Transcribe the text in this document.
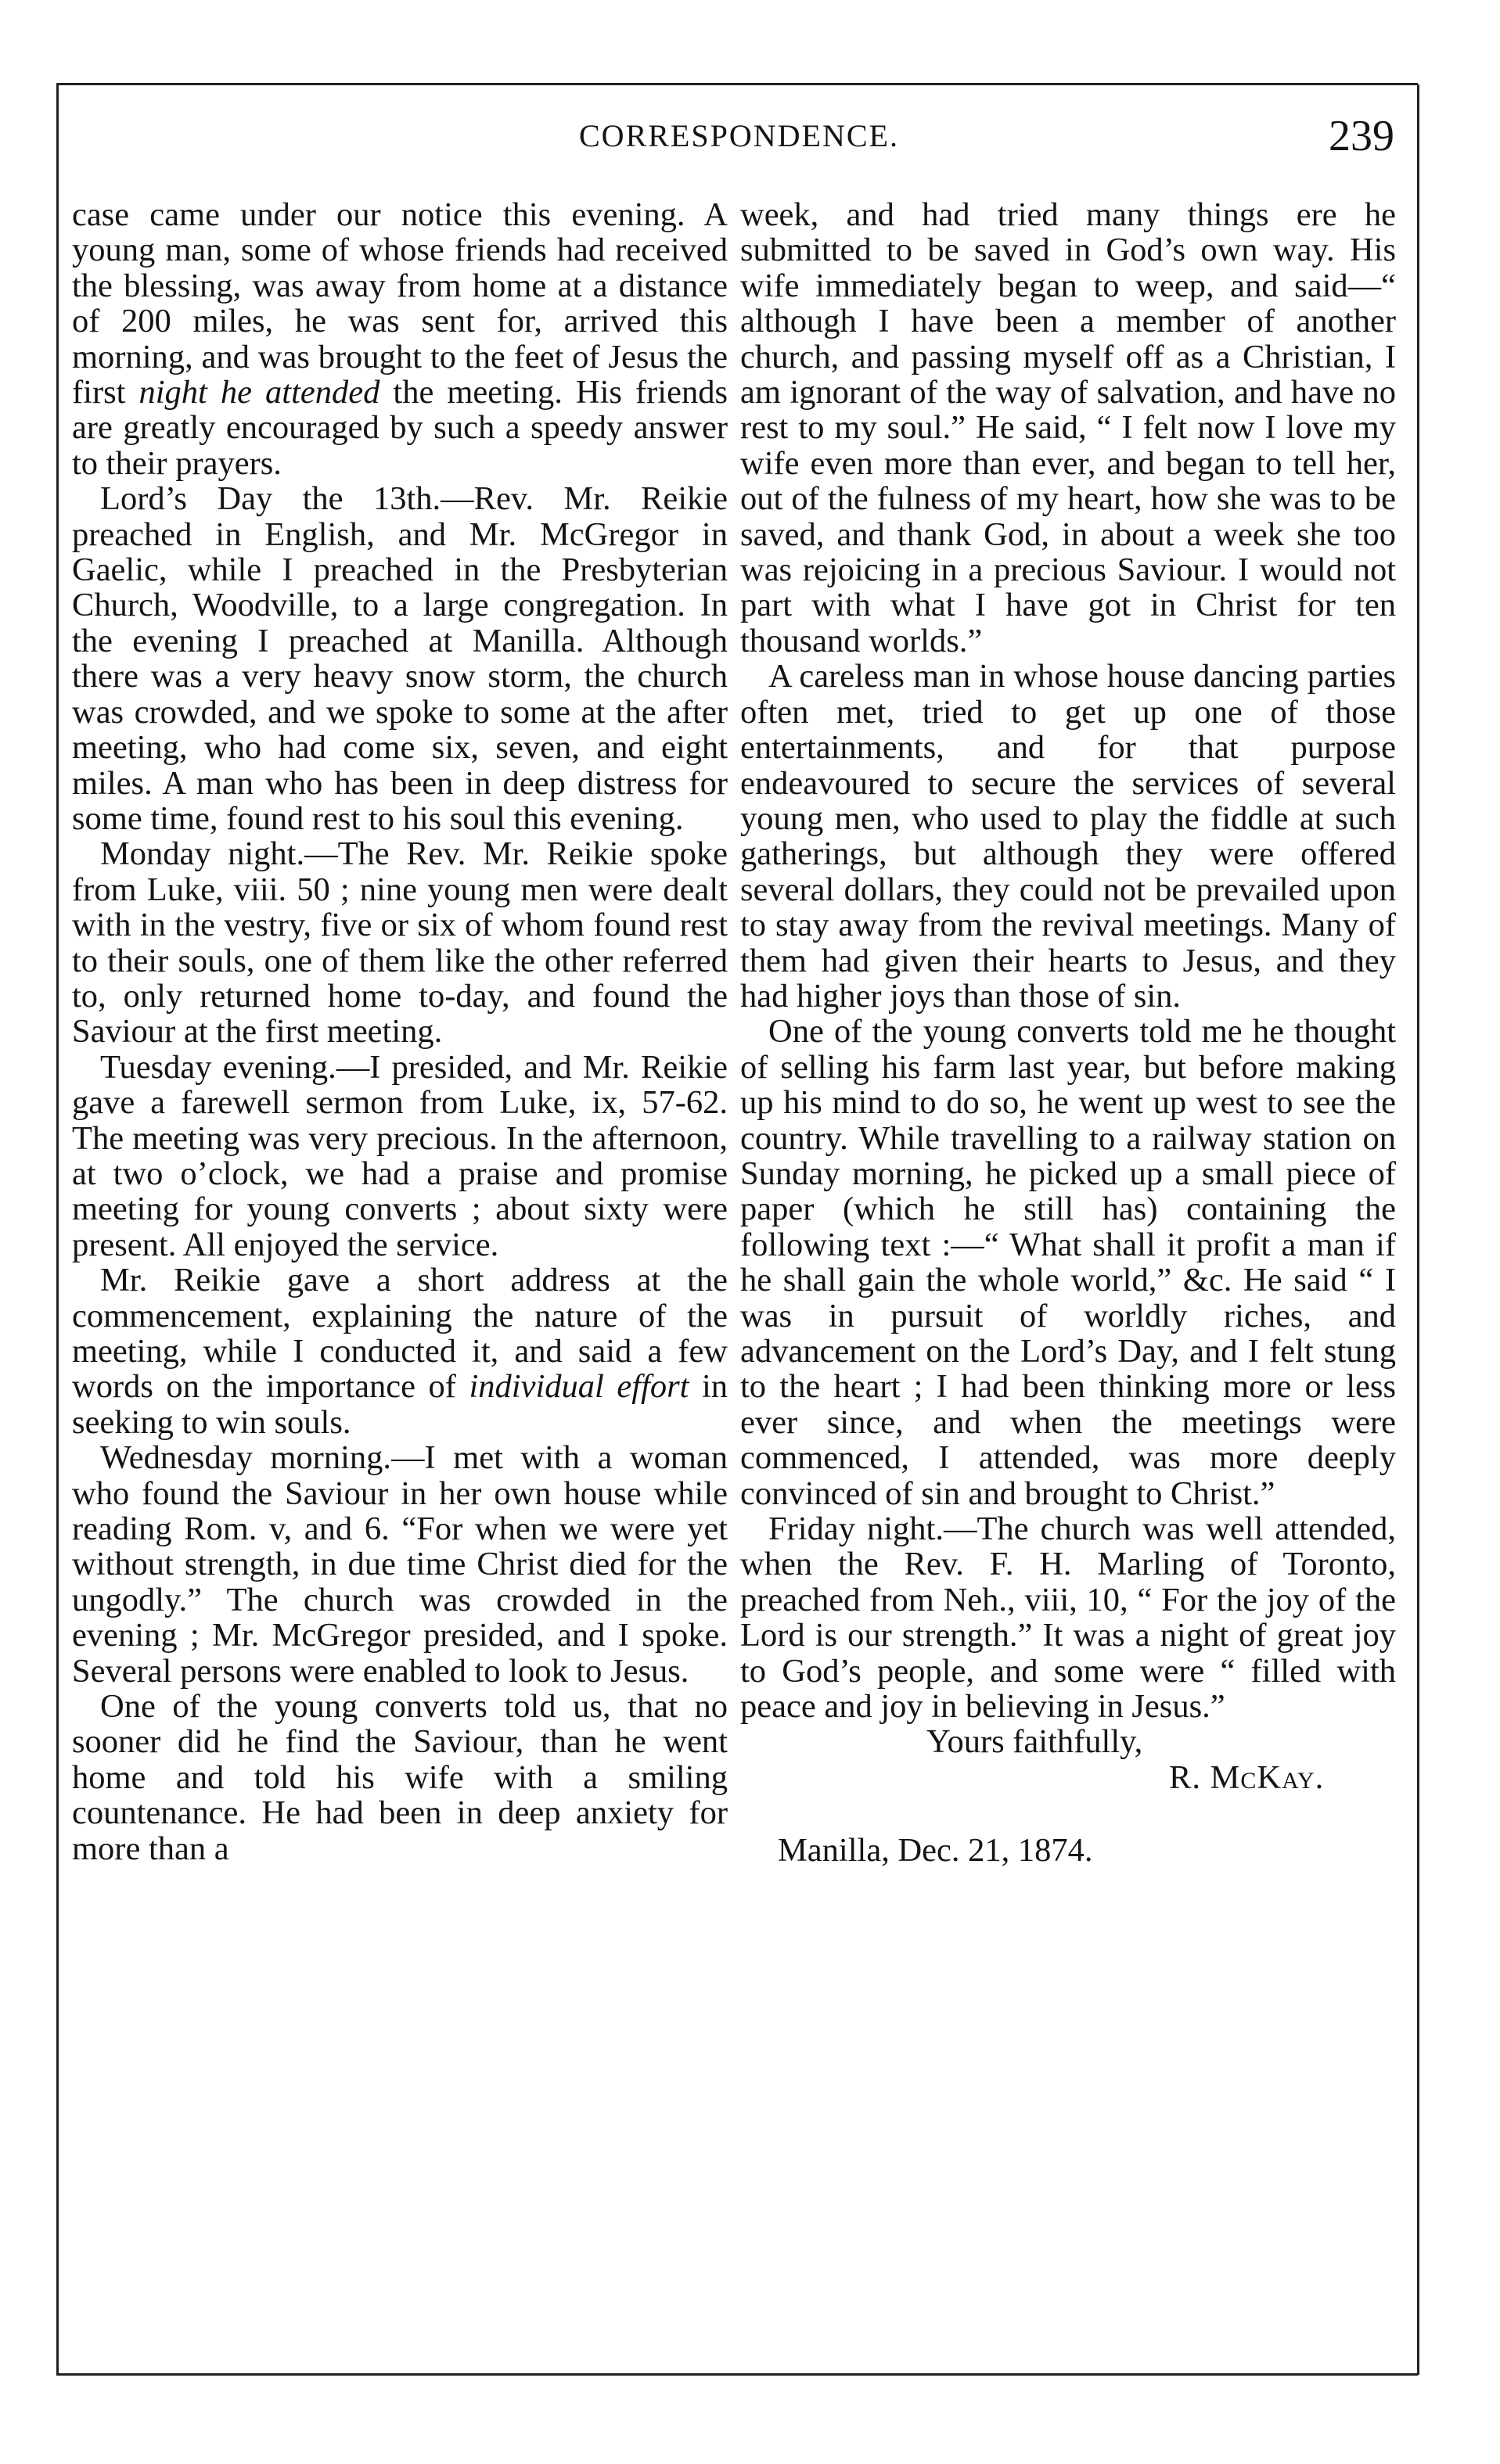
CORRESPONDENCE.	239

case came under our notice this evening. A young man, some of whose friends had received the blessing, was away from home at a distance of 200 miles, he was sent for, arrived this morning, and was brought to the feet of Jesus the first night he attended the meeting. His friends are greatly encouraged by such a speedy answer to their prayers.

Lord’s Day the 13th.—Rev. Mr. Reikie preached in English, and Mr. McGregor in Gaelic, while I preached in the Presbyterian Church, Woodville, to a large congregation. In the evening I preached at Manilla. Although there was a very heavy snow storm, the church was crowded, and we spoke to some at the after meeting, who had come six, seven, and eight miles. A man who has been in deep distress for some time, found rest to his soul this evening.

Monday night.—The Rev. Mr. Reikie spoke from Luke, viii. 50 ; nine young men were dealt with in the vestry, five or six of whom found rest to their souls, one of them like the other referred to, only returned home to-day, and found the Saviour at the first meeting.

Tuesday evening.—I presided, and Mr. Reikie gave a farewell sermon from Luke, ix, 57-62. The meeting was very precious. In the afternoon, at two o’clock, we had a praise and promise meeting for young converts ; about sixty were present. All enjoyed the service.

Mr. Reikie gave a short address at the commencement, explaining the nature of the meeting, while I conducted it, and said a few words on the importance of individual effort in seeking to win souls.

Wednesday morning.—I met with a woman who found the Saviour in her own house while reading Rom. v, and 6. “For when we were yet without strength, in due time Christ died for the ungodly.” The church was crowded in the evening ; Mr. McGregor presided, and I spoke. Several persons were enabled to look to Jesus.

One of the young converts told us, that no sooner did he find the Saviour, than he went home and told his wife with a smiling countenance. He had been in deep anxiety for more than a

week, and had tried many things ere he submitted to be saved in God’s own way. His wife immediately began to weep, and said—“ although I have been a member of another church, and passing myself off as a Christian, I am ignorant of the way of salvation, and have no rest to my soul.” He said, “ I felt now I love my wife even more than ever, and began to tell her, out of the fulness of my heart, how she was to be saved, and thank God, in about a week she too was rejoicing in a precious Saviour. I would not part with what I have got in Christ for ten thousand worlds.”

A careless man in whose house dancing parties often met, tried to get up one of those entertainments, and for that purpose endeavoured to secure the services of several young men, who used to play the fiddle at such gatherings, but although they were offered several dollars, they could not be prevailed upon to stay away from the revival meetings. Many of them had given their hearts to Jesus, and they had higher joys than those of sin.

One of the young converts told me he thought of selling his farm last year, but before making up his mind to do so, he went up west to see the country. While travelling to a railway station on Sunday morning, he picked up a small piece of paper (which he still has) containing the following text :—“ What shall it profit a man if he shall gain the whole world,” &c. He said “ I was in pursuit of worldly riches, and advancement on the Lord’s Day, and I felt stung to the heart ; I had been thinking more or less ever since, and when the meetings were commenced, I attended, was more deeply convinced of sin and brought to Christ.”

Friday night.—The church was well attended, when the Rev. F. H. Marling of Toronto, preached from Neh., viii, 10, “ For the joy of the Lord is our strength.” It was a night of great joy to God’s people, and some were “ filled with peace and joy in believing in Jesus.”

Yours faithfully,

R. McKay.

Manilla, Dec. 21, 1874.
